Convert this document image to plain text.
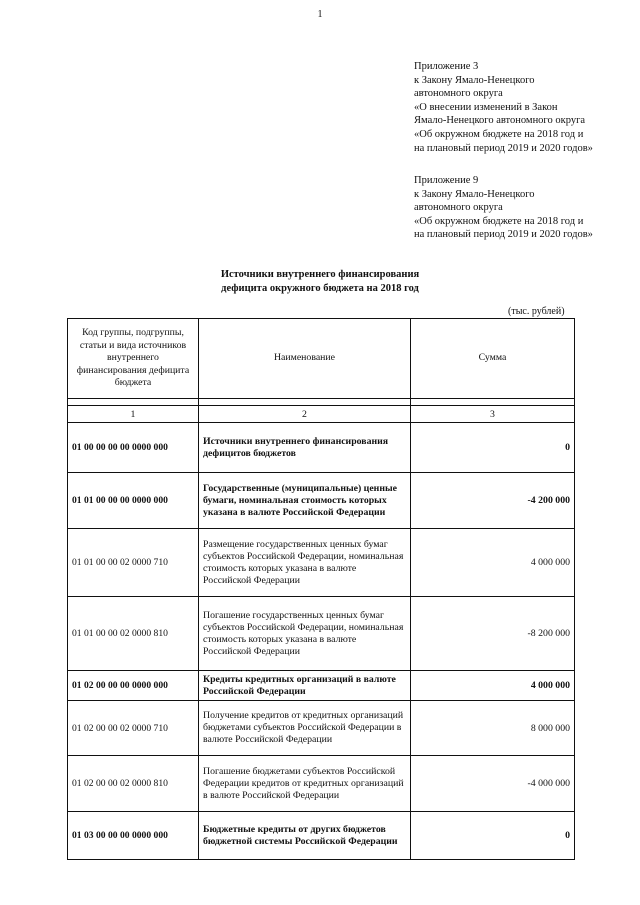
1
Приложение 3
к Закону Ямало-Ненецкого
автономного округа
«О внесении изменений в Закон
Ямало-Ненецкого автономного округа
«Об окружном бюджете на 2018 год и
на плановый период 2019 и 2020 годов»
Приложение 9
к Закону Ямало-Ненецкого
автономного округа
«Об окружном бюджете на 2018 год и
на плановый период 2019 и 2020 годов»
Источники внутреннего финансирования
дефицита окружного бюджета на 2018 год
(тыс. рублей)
Код группы, подгруппы, статьи и вида источников внутреннего финансирования дефицита бюджета	Наименование	Сумма

1	2	3
01 00 00 00 00 0000 000	Источники внутреннего финансирования дефицитов бюджетов	0
01 01 00 00 00 0000 000	Государственные (муниципальные) ценные бумаги, номинальная стоимость которых указана в валюте Российской Федерации	-4 200 000
01 01 00 00 02 0000 710	Размещение государственных ценных бумаг субъектов Российской Федерации, номинальная стоимость которых указана в валюте Российской Федерации	4 000 000
01 01 00 00 02 0000 810	Погашение государственных ценных бумаг субъектов Российской Федерации, номинальная стоимость которых указана в валюте Российской Федерации	-8 200 000
01 02 00 00 00 0000 000	Кредиты кредитных организаций в валюте Российской Федерации	4 000 000
01 02 00 00 02 0000 710	Получение кредитов от кредитных организаций бюджетами субъектов Российской Федерации в валюте Российской Федерации	8 000 000
01 02 00 00 02 0000 810	Погашение бюджетами субъектов Российской Федерации кредитов от кредитных организаций в валюте Российской Федерации	-4 000 000
01 03 00 00 00 0000 000	Бюджетные кредиты от других бюджетов бюджетной системы Российской Федерации	0
